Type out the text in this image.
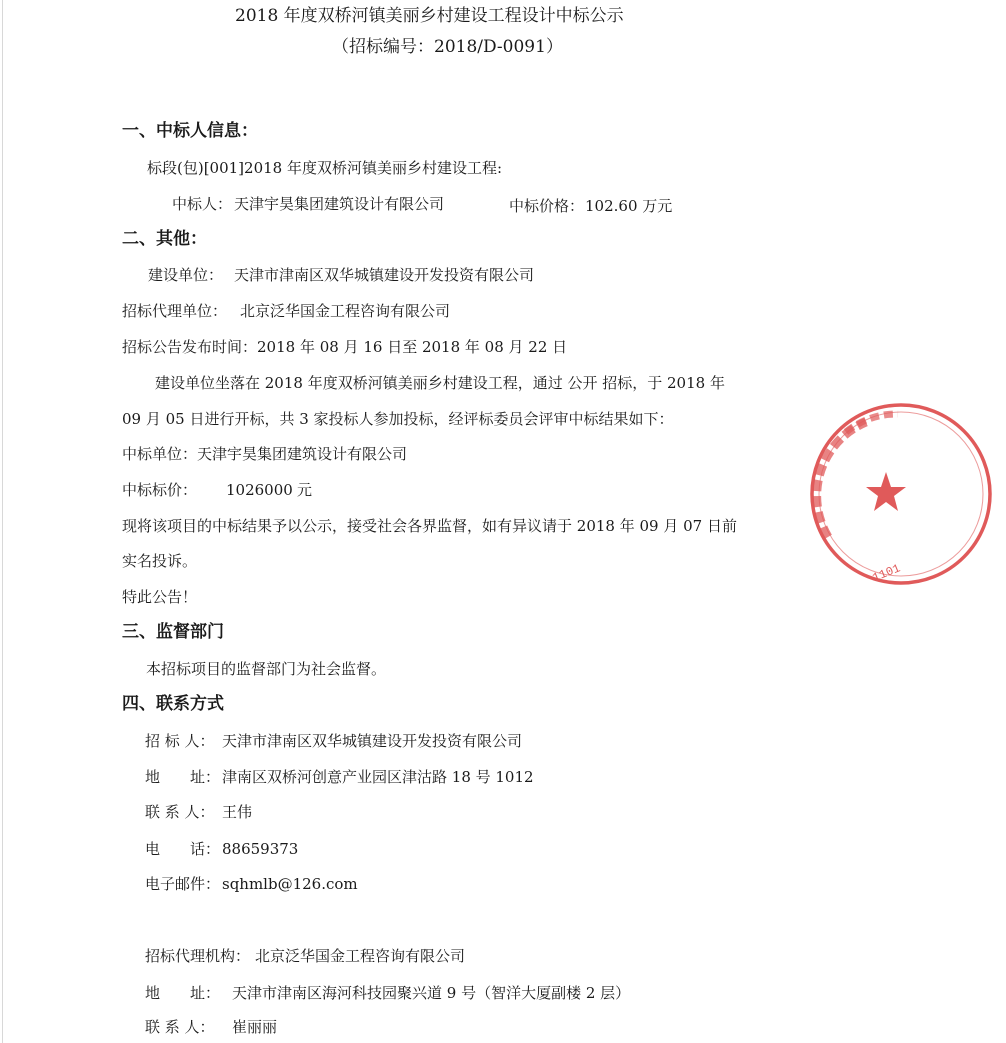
2018 年度双桥河镇美丽乡村建设工程设计中标公示
（招标编号：2018/D-0091）
一、中标人信息：
标段(包)[001]2018 年度双桥河镇美丽乡村建设工程:
中标人： 天津宇昊集团建筑设计有限公司	中标价格： 102.60 万元
二、其他：
建设单位： 天津市津南区双华城镇建设开发投资有限公司
招标代理单位： 北京泛华国金工程咨询有限公司
招标公告发布时间：2018 年 08 月 16 日至 2018 年 08 月 22 日
建设单位坐落在 2018 年度双桥河镇美丽乡村建设工程，通过 公开 招标，于 2018 年
09 月 05 日进行开标，共 3 家投标人参加投标，经评标委员会评审中标结果如下：
中标单位：天津宇昊集团建筑设计有限公司
中标标价： 1026000 元
现将该项目的中标结果予以公示，接受社会各界监督，如有异议请于 2018 年 09 月 07 日前
实名投诉。
特此公告！
三、监督部门
本招标项目的监督部门为社会监督。
四、联系方式
招 标 人： 天津市津南区双华城镇建设开发投资有限公司
地　　址： 津南区双桥河创意产业园区津沽路 18 号 1012
联 系 人： 王伟
电　　话： 88659373
电子邮件： sqhmlb@126.com
招标代理机构： 北京泛华国金工程咨询有限公司
地　　址： 天津市津南区海河科技园聚兴道 9 号（智洋大厦副楼 2 层）
联 系 人： 崔丽丽
1101
